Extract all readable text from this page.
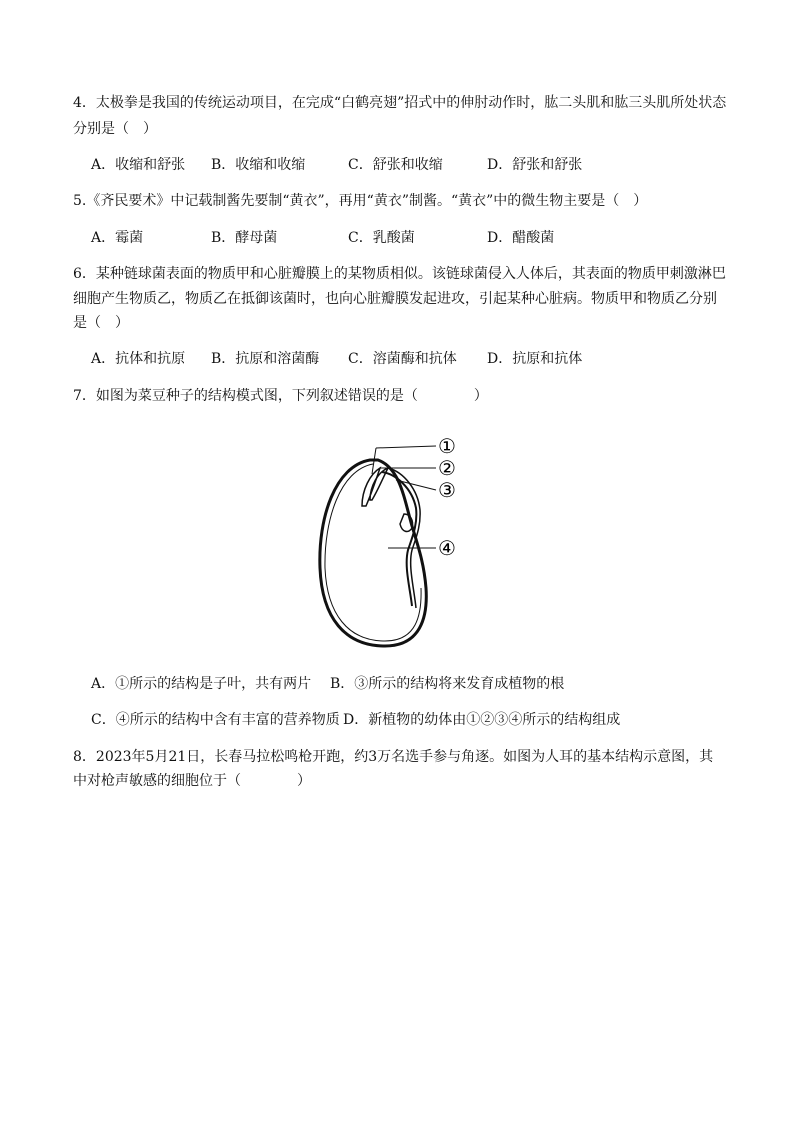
4．太极拳是我国的传统运动项目，在完成“白鹤亮翅”招式中的伸肘动作时，肱二头肌和肱三头肌所处状态
分别是（　）
A．收缩和舒张 B．收缩和收缩	C．舒张和收缩	D．舒张和舒张
5.《齐民要术》中记载制酱先要制“黄衣”，再用“黄衣”制酱。“黄衣”中的微生物主要是（　）
A．霉菌	B．酵母菌	C．乳酸菌	D．醋酸菌
6．某种链球菌表面的物质甲和心脏瓣膜上的某物质相似。该链球菌侵入人体后，其表面的物质甲刺激淋巴
细胞产生物质乙，物质乙在抵御该菌时，也向心脏瓣膜发起进攻，引起某种心脏病。物质甲和物质乙分别
是（　）
A．抗体和抗原 B．抗原和溶菌酶 C．溶菌酶和抗体 D．抗原和抗体
7．如图为菜豆种子的结构模式图，下列叙述错误的是（　　　　）
①
②
③
④
A．①所示的结构是子叶，共有两片 B．③所示的结构将来发育成植物的根
C．④所示的结构中含有丰富的营养物质 D．新植物的幼体由①②③④所示的结构组成
8．2023年5月21日，长春马拉松鸣枪开跑，约3万名选手参与角逐。如图为人耳的基本结构示意图，其
中对枪声敏感的细胞位于（　　　　）
